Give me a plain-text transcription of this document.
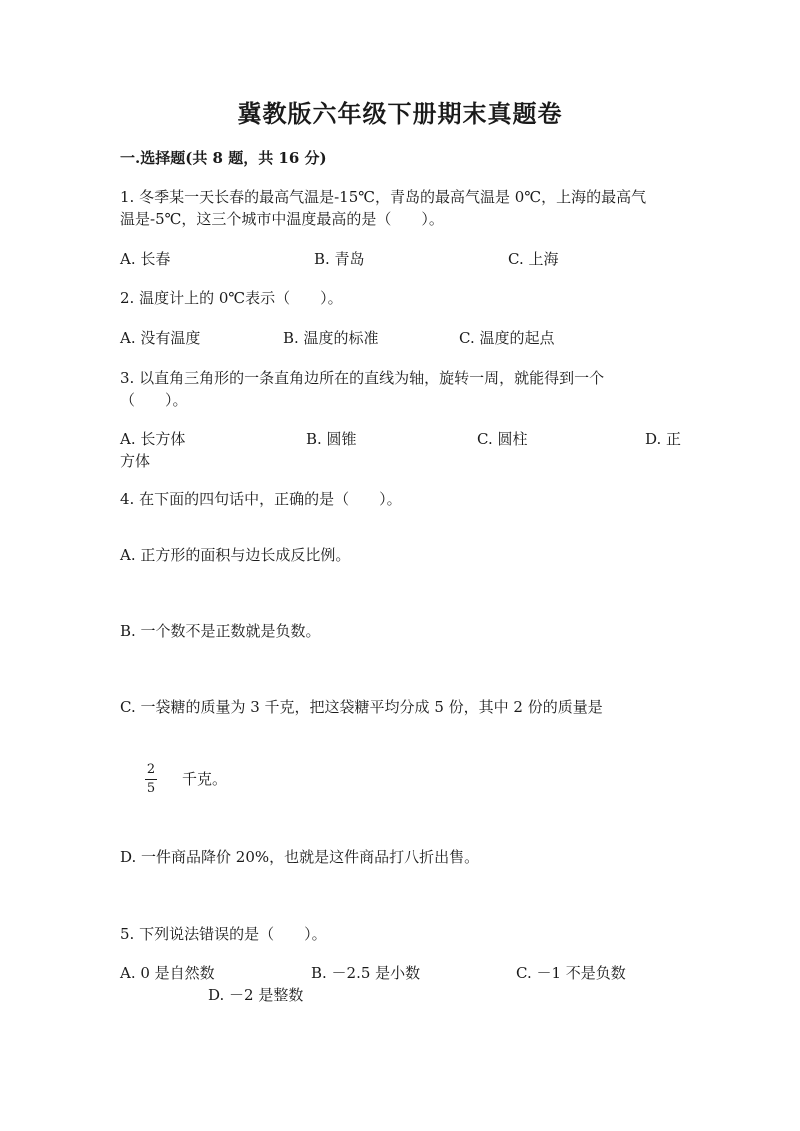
冀教版六年级下册期末真题卷
一.选择题(共 8 题，共 16 分)
1. 冬季某一天长春的最高气温是-15℃，青岛的最高气温是 0℃，上海的最高气
温是-5℃，这三个城市中温度最高的是（　　）。
A. 长春	B. 青岛	C. 上海
2. 温度计上的 0℃表示（　　）。
A. 没有温度	B. 温度的标准	C. 温度的起点
3. 以直角三角形的一条直角边所在的直线为轴，旋转一周，就能得到一个
（　　）。
A. 长方体	B. 圆锥	C. 圆柱	D. 正
方体
4. 在下面的四句话中，正确的是（　　）。
A. 正方形的面积与边长成反比例。
B. 一个数不是正数就是负数。
C. 一袋糖的质量为 3 千克，把这袋糖平均分成 5 份，其中 2 份的质量是
2
5
千克。
D. 一件商品降价 20%，也就是这件商品打八折出售。
5. 下列说法错误的是（　　）。
A. 0 是自然数	B. －2.5 是小数	C. －1 不是负数
D. －2 是整数
